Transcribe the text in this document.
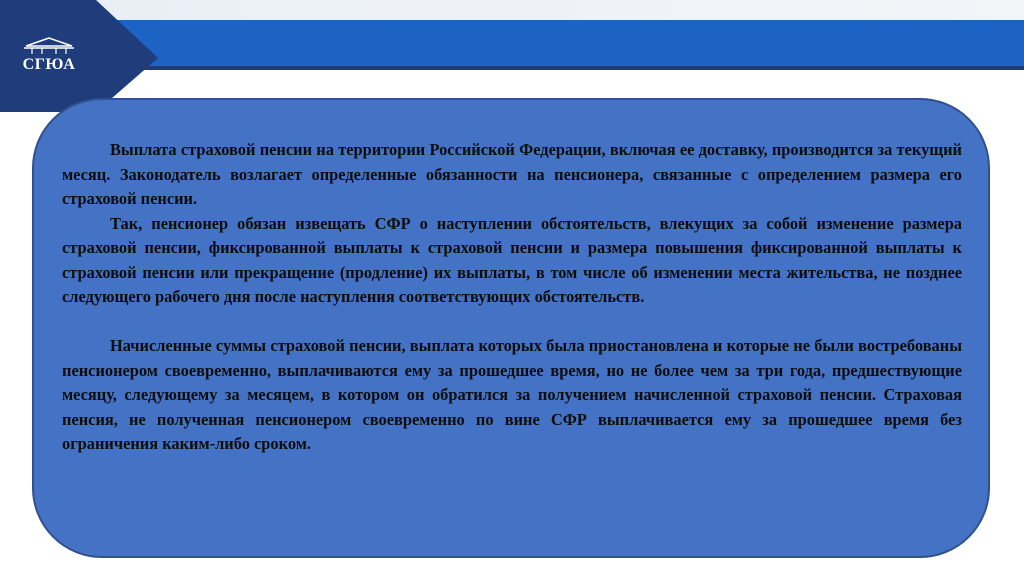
СГЮА

Выплата страховой пенсии на территории Российской Федерации, включая ее доставку, производится за текущий месяц. Законодатель возлагает определенные обязанности на пенсионера, связанные с определением размера его страховой пенсии.

Так, пенсионер обязан извещать СФР о наступлении обстоятельств, влекущих за собой изменение размера страховой пенсии, фиксированной выплаты к страховой пенсии и размера повышения фиксированной выплаты к страховой пенсии или прекращение (продление) их выплаты, в том числе об изменении места жительства, не позднее следующего рабочего дня после наступления соответствующих обстоятельств.

Начисленные суммы страховой пенсии, выплата которых была приостановлена и которые не были востребованы пенсионером своевременно, выплачиваются ему за прошедшее время, но не более чем за три года, предшествующие месяцу, следующему за месяцем, в котором он обратился за получением начисленной страховой пенсии. Страховая пенсия, не полученная пенсионером своевременно по вине СФР выплачивается ему за прошедшее время без ограничения каким-либо сроком.
